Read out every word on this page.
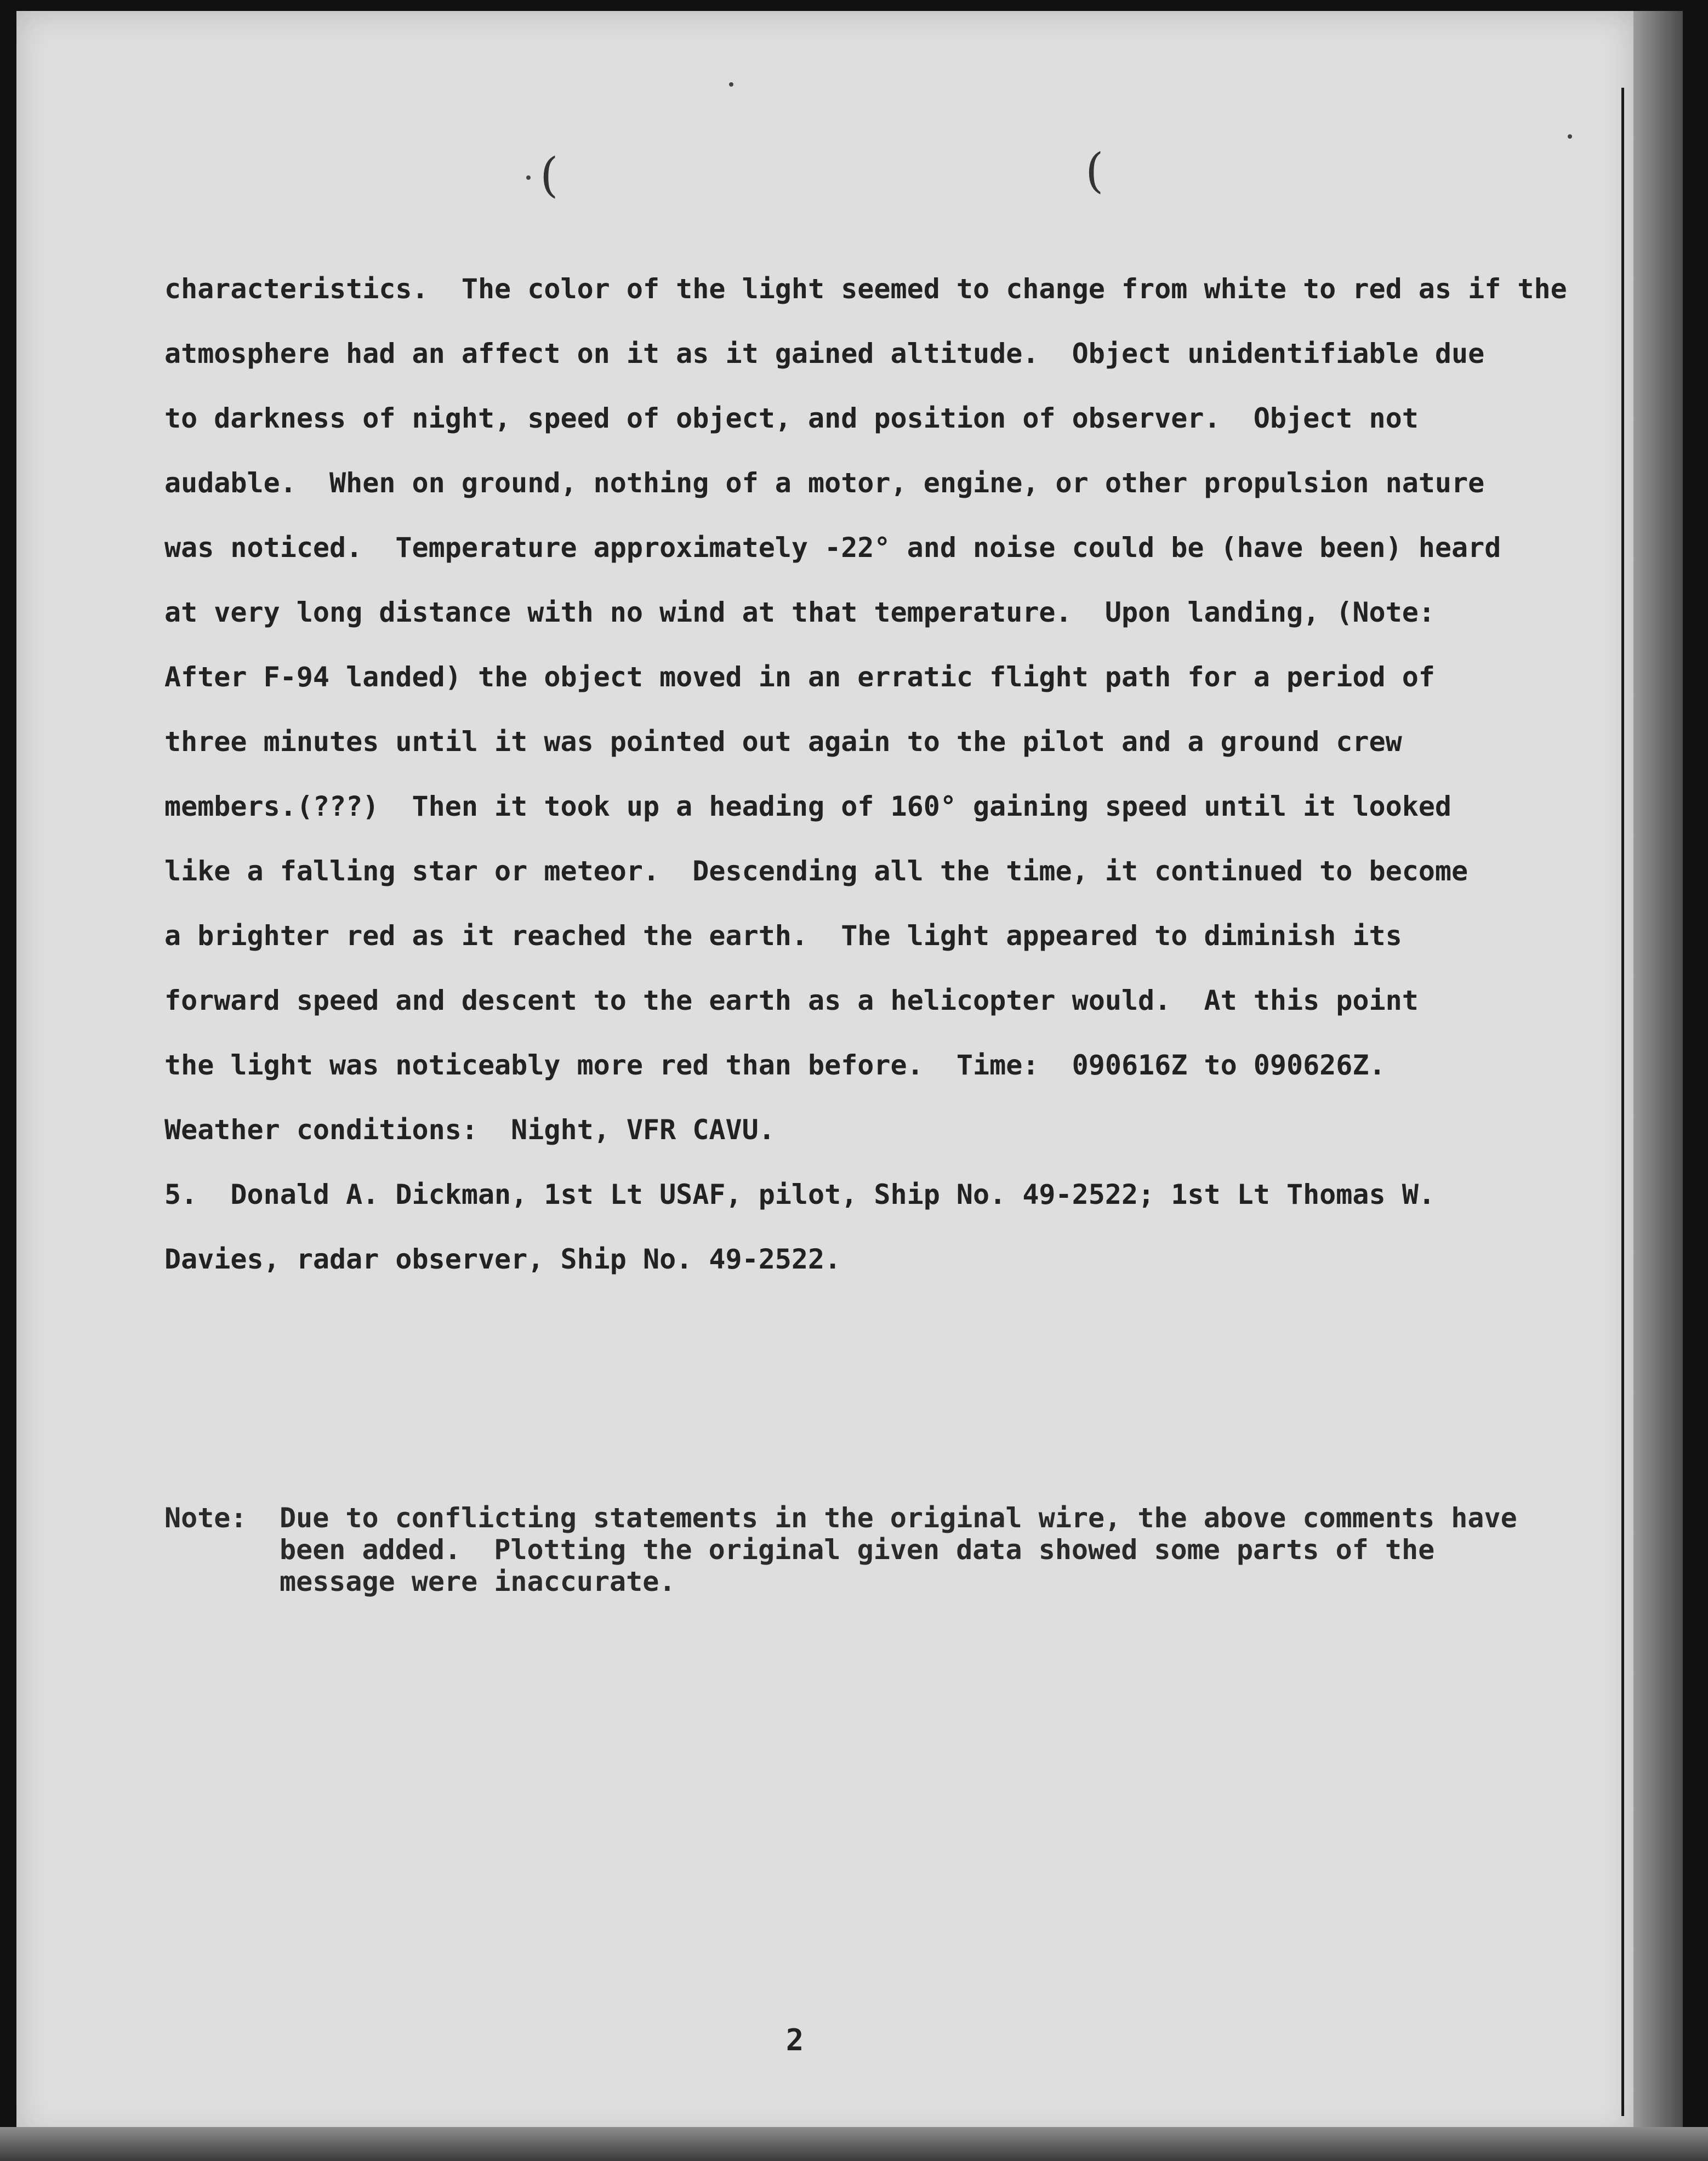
(	(
characteristics.  The color of the light seemed to change from white to red as if the
atmosphere had an affect on it as it gained altitude.  Object unidentifiable due
to darkness of night, speed of object, and position of observer.  Object not
audable.  When on ground, nothing of a motor, engine, or other propulsion nature
was noticed.  Temperature approximately -22° and noise could be (have been) heard
at very long distance with no wind at that temperature.  Upon landing, (Note:
After F-94 landed) the object moved in an erratic flight path for a period of
three minutes until it was pointed out again to the pilot and a ground crew
members.(???)  Then it took up a heading of 160° gaining speed until it looked
like a falling star or meteor.  Descending all the time, it continued to become
a brighter red as it reached the earth.  The light appeared to diminish its
forward speed and descent to the earth as a helicopter would.  At this point
the light was noticeably more red than before.  Time:  090616Z to 090626Z.
Weather conditions:  Night, VFR CAVU.
5.  Donald A. Dickman, 1st Lt USAF, pilot, Ship No. 49-2522; 1st Lt Thomas W.
Davies, radar observer, Ship No. 49-2522.
Note:	Due to conflicting statements in the original wire, the above comments have
been added.  Plotting the original given data showed some parts of the
message were inaccurate.
2
